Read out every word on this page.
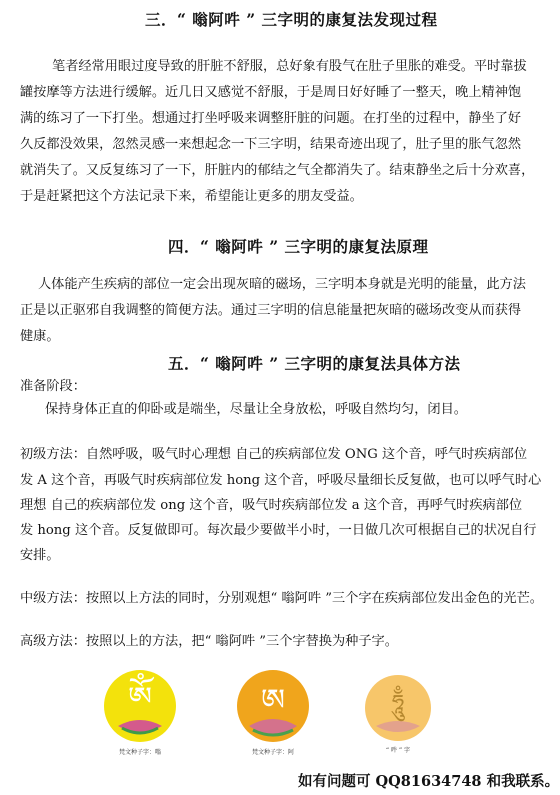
三．“ 嗡阿吽 ” 三字明的康复法发现过程
笔者经常用眼过度导致的肝脏不舒服，总好象有股气在肚子里胀的难受。平时靠拔
罐按摩等方法进行缓解。近几日又感觉不舒服，于是周日好好睡了一整天，晚上精神饱
满的练习了一下打坐。想通过打坐呼吸来调整肝脏的问题。在打坐的过程中，静坐了好
久反都没效果，忽然灵感一来想起念一下三字明，结果奇迹出现了，肚子里的胀气忽然
就消失了。又反复练习了一下，肝脏内的郁结之气全都消失了。结束静坐之后十分欢喜，
于是赶紧把这个方法记录下来，希望能让更多的朋友受益。
四．“ 嗡阿吽 ” 三字明的康复法原理
人体能产生疾病的部位一定会出现灰暗的磁场，三字明本身就是光明的能量，此方法
正是以正驱邪自我调整的简便方法。通过三字明的信息能量把灰暗的磁场改变从而获得
健康。
五．“ 嗡阿吽 ” 三字明的康复法具体方法
准备阶段：
保持身体正直的仰卧或是端坐，尽量让全身放松，呼吸自然均匀，闭目。
初级方法：自然呼吸，吸气时心理想 自己的疾病部位发 ONG 这个音，呼气时疾病部位
发 A 这个音，再吸气时疾病部位发 hong 这个音，呼吸尽量细长反复做，也可以呼气时心
理想 自己的疾病部位发 ong 这个音，吸气时疾病部位发 a 这个音，再呼气时疾病部位
发 hong 这个音。反复做即可。每次最少要做半小时，一日做几次可根据自己的状况自行
安排。
中级方法：按照以上方法的同时，分别观想“ 嗡阿吽 ”三个字在疾病部位发出金色的光芒。
高级方法：按照以上的方法，把“ 嗡阿吽 ”三个字替换为种子字。
ༀ
梵文种子字：嗡
ཨ
梵文种子字：阿
ཧཱུྃ
“ 吽 ” 字
如有问题可 QQ81634748 和我联系。
